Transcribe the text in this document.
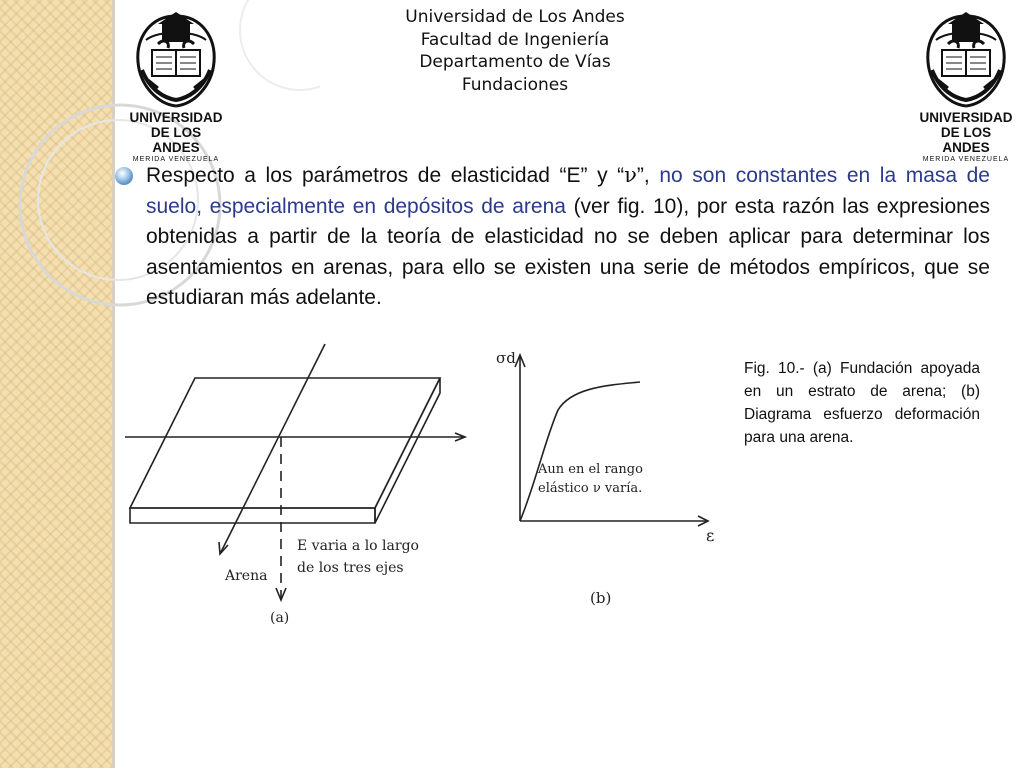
UNIVERSIDAD
DE LOS ANDES
MERIDA VENEZUELA
UNIVERSIDAD
DE LOS ANDES
MERIDA VENEZUELA
Universidad de Los Andes
Facultad de Ingeniería
Departamento de Vías
Fundaciones
Respecto a los parámetros de elasticidad “E” y “ν”, no son constantes en la masa de suelo, especialmente en depósitos de arena (ver fig. 10), por esta razón las expresiones obtenidas a partir de la teoría de elasticidad no se deben aplicar para determinar los asentamientos en arenas, para ello se existen una serie de métodos empíricos, que se estudiaran más adelante.
E varia a lo largo
de los tres ejes
Arena
(a)
σd
ε
Aun en el rango
elástico ν varía.
(b)
Fig. 10.- (a) Fundación apoyada en un estrato de arena; (b) Diagrama esfuerzo deformación para una arena.
